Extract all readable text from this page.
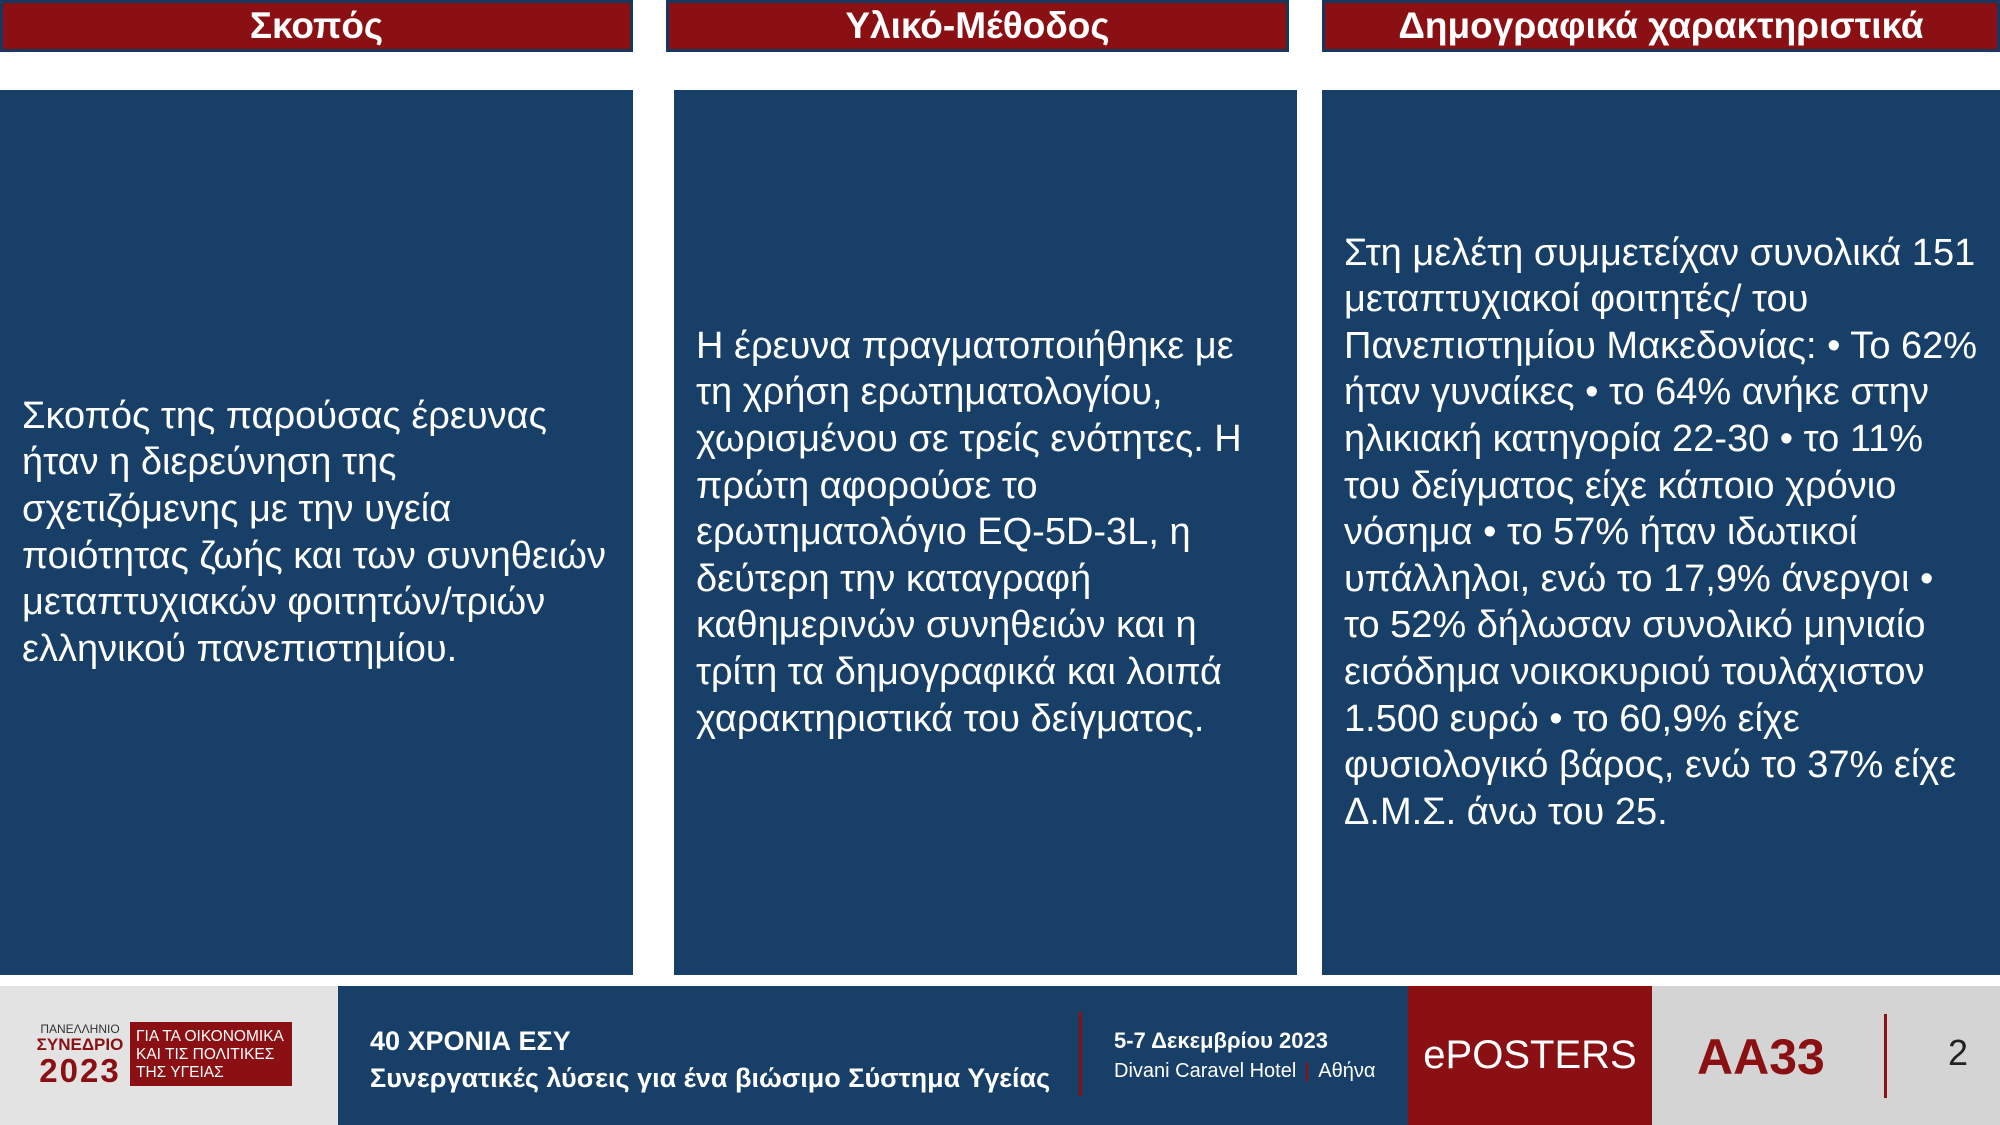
Σκοπός	Υλικό-Μέθοδος	Δημογραφικά χαρακτηριστικά

Σκοπός της παρούσας έρευνας ήταν η διερεύνηση της σχετιζόμενης με την υγεία ποιότητας ζωής και των συνηθειών μεταπτυχιακών φοιτητών/τριών ελληνικού πανεπιστημίου.

Η έρευνα πραγματοποιήθηκε με τη χρήση ερωτηματολογίου, χωρισμένου σε τρείς ενότητες. Η πρώτη αφορούσε το ερωτηματολόγιο EQ-5D-3L, η δεύτερη την καταγραφή καθημερινών συνηθειών και η τρίτη τα δημογραφικά και λοιπά χαρακτηριστικά του δείγματος.

Στη μελέτη συμμετείχαν συνολικά 151 μεταπτυχιακοί φοιτητές/ του Πανεπιστημίου Μακεδονίας: • Το 62% ήταν γυναίκες • το 64% ανήκε στην ηλικιακή κατηγορία 22-30 • το 11% του δείγματος είχε κάποιο χρόνιο νόσημα • το 57% ήταν ιδωτικοί υπάλληλοι, ενώ το 17,9% άνεργοι • το 52% δήλωσαν συνολικό μηνιαίο εισόδημα νοικοκυριού τουλάχιστον 1.500 ευρώ • το 60,9% είχε φυσιολογικό βάρος, ενώ το 37% είχε Δ.Μ.Σ. άνω του 25.

ΠΑΝΕΛΛΗΝΙΟ
ΣΥΝΕΔΡΙΟ
2023
ΓΙΑ ΤΑ ΟΙΚΟΝΟΜΙΚΑ
ΚΑΙ ΤΙΣ ΠΟΛΙΤΙΚΕΣ
ΤΗΣ ΥΓΕΙΑΣ
40 ΧΡΟΝΙΑ ΕΣΥ
Συνεργατικές λύσεις για ένα βιώσιμο Σύστημα Υγείας
5-7 Δεκεμβρίου 2023
Divani Caravel Hotel Αθήνα	ePOSTERS	ΑΑ33	2
